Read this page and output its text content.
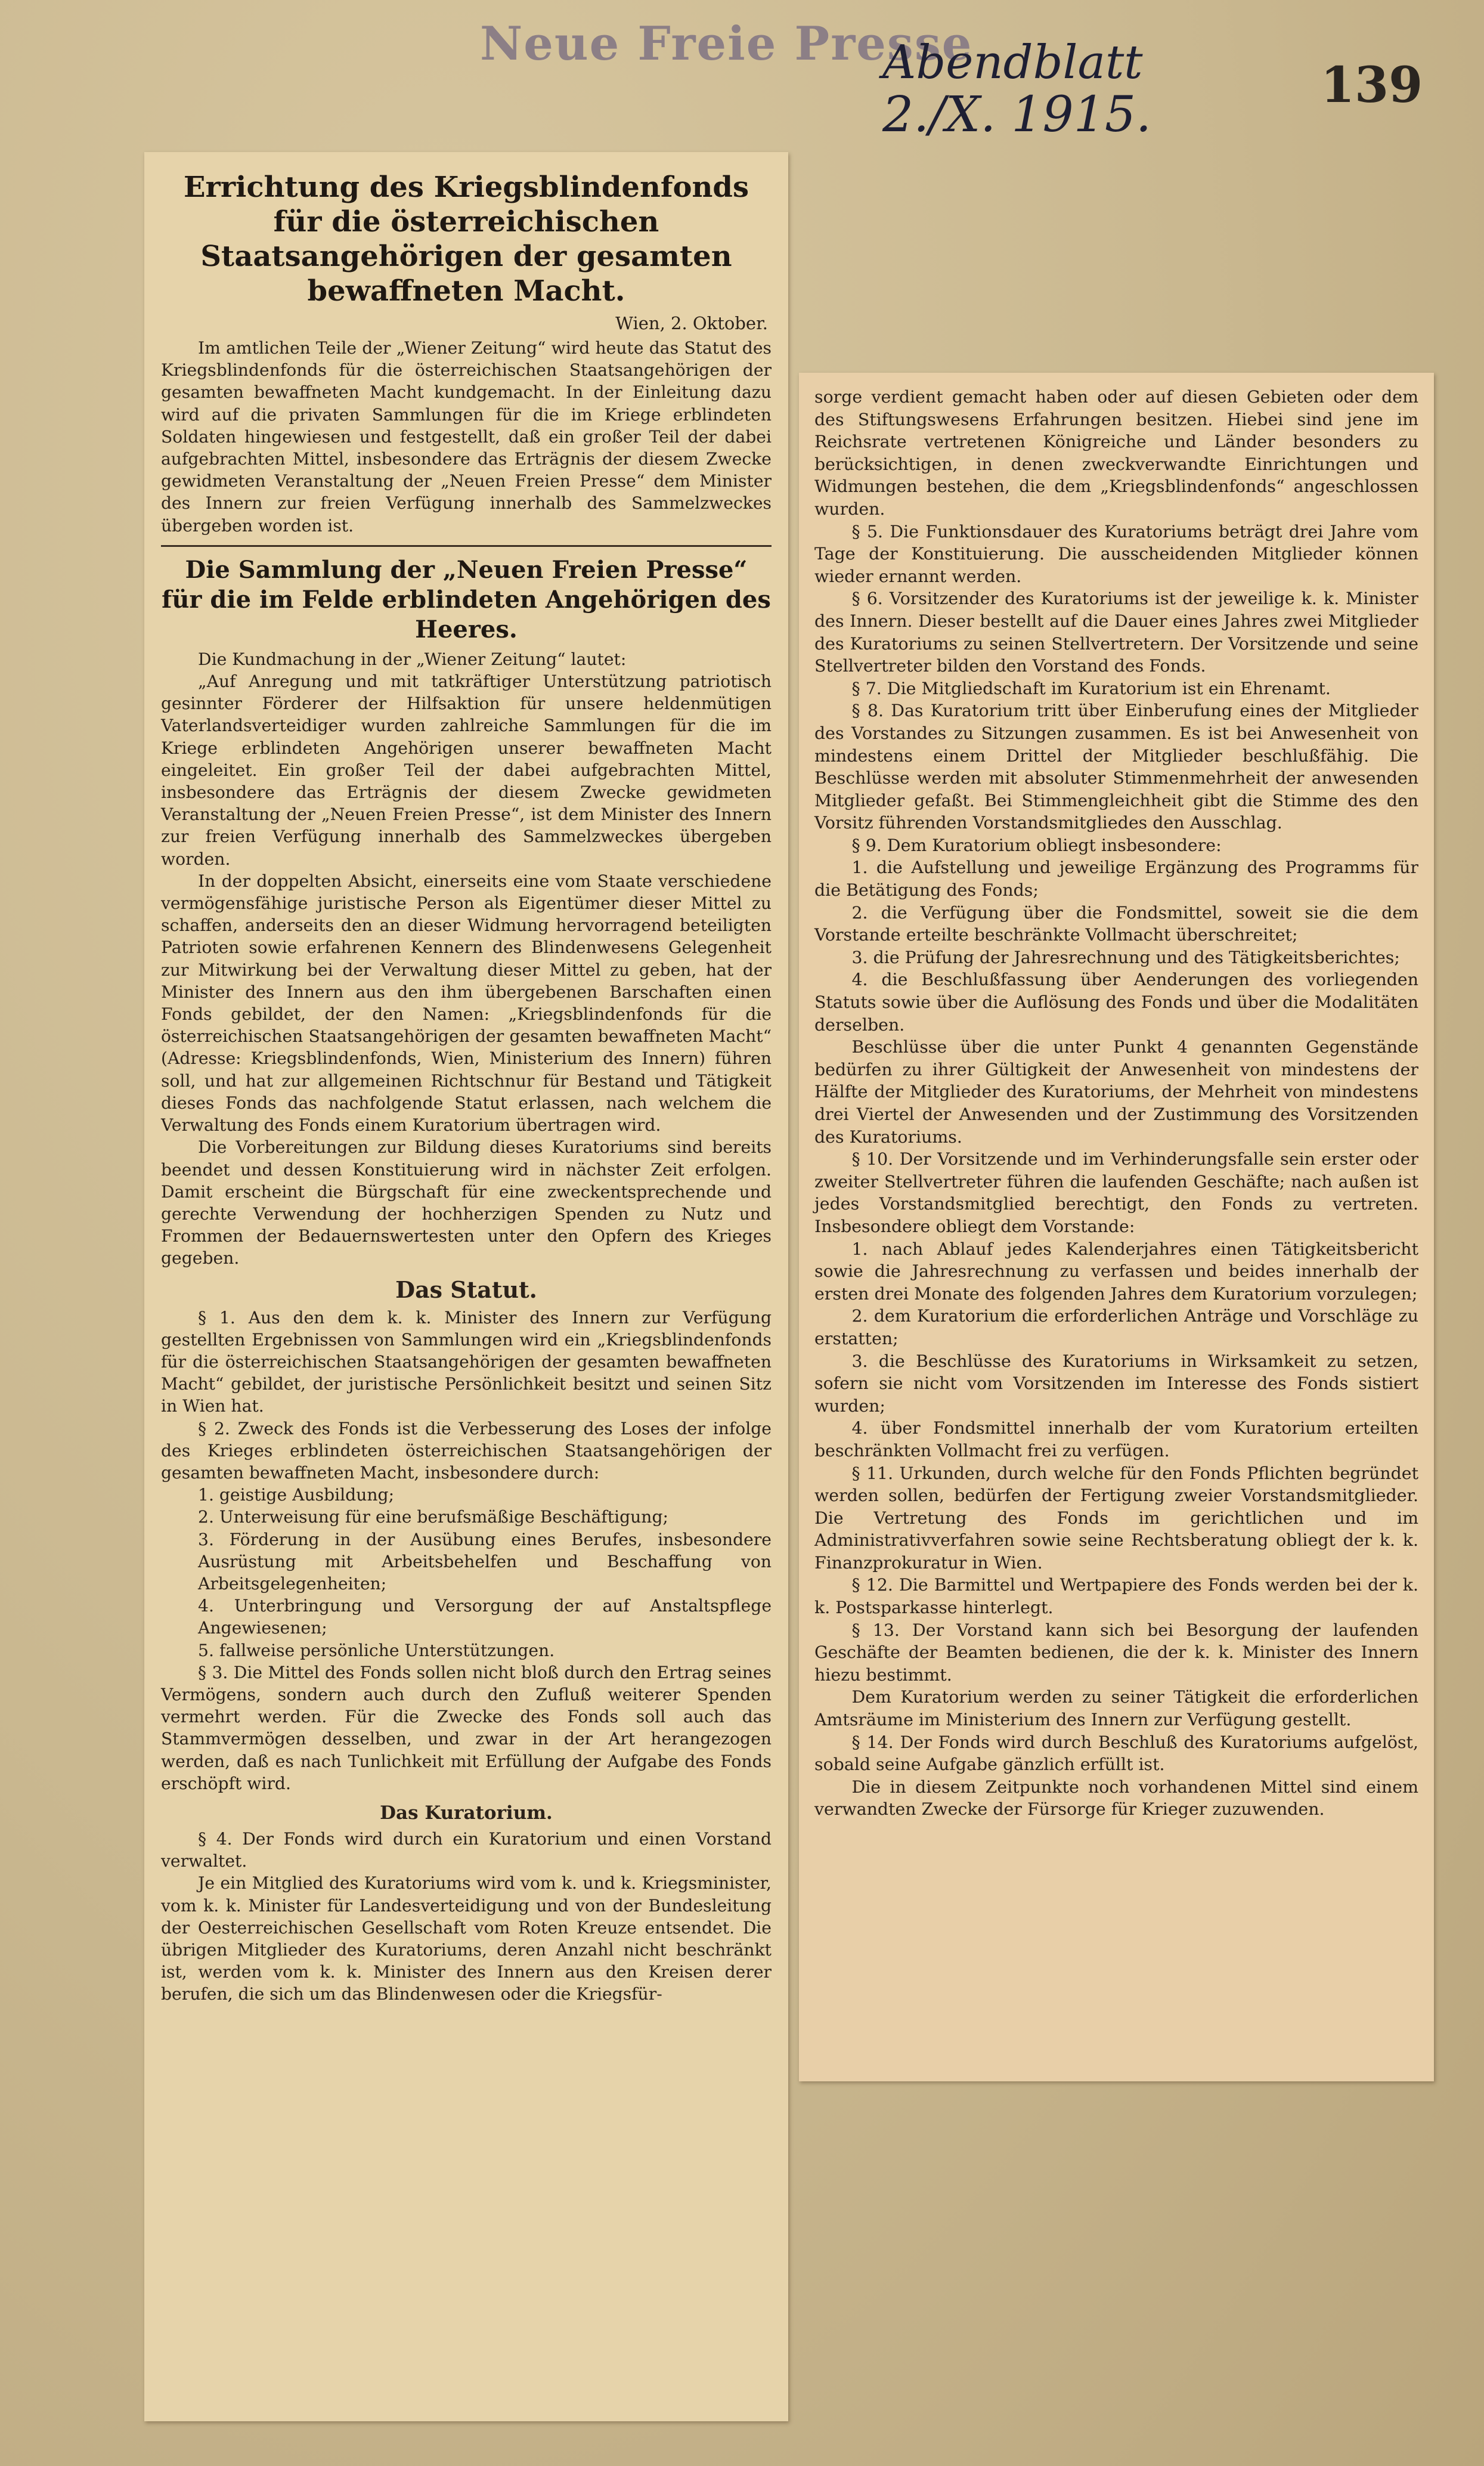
Neue Freie Presse
Abendblatt
2./X. 1915.
139
Errichtung des Kriegsblindenfonds für die österreichischen Staatsangehörigen der gesamten bewaffneten Macht.
Wien, 2. Oktober.

Im amtlichen Teile der „Wiener Zeitung“ wird heute das Statut des Kriegsblindenfonds für die österreichischen Staatsangehörigen der gesamten bewaffneten Macht kundgemacht. In der Einleitung dazu wird auf die privaten Sammlungen für die im Kriege erblindeten Soldaten hingewiesen und festgestellt, daß ein großer Teil der dabei aufgebrachten Mittel, insbesondere das Erträgnis der diesem Zwecke gewidmeten Veranstaltung der „Neuen Freien Presse“ dem Minister des Innern zur freien Verfügung innerhalb des Sammelzweckes übergeben worden ist.

Die Sammlung der „Neuen Freien Presse“ für die im Felde erblindeten Angehörigen des Heeres.

Die Kundmachung in der „Wiener Zeitung“ lautet:

„Auf Anregung und mit tatkräftiger Unterstützung patriotisch gesinnter Förderer der Hilfsaktion für unsere heldenmütigen Vaterlandsverteidiger wurden zahlreiche Sammlungen für die im Kriege erblindeten Angehörigen unserer bewaffneten Macht eingeleitet. Ein großer Teil der dabei aufgebrachten Mittel, insbesondere das Erträgnis der diesem Zwecke gewidmeten Veranstaltung der „Neuen Freien Presse“, ist dem Minister des Innern zur freien Verfügung innerhalb des Sammelzweckes übergeben worden.

In der doppelten Absicht, einerseits eine vom Staate verschiedene vermögensfähige juristische Person als Eigentümer dieser Mittel zu schaffen, anderseits den an dieser Widmung hervorragend beteiligten Patrioten sowie erfahrenen Kennern des Blindenwesens Gelegenheit zur Mitwirkung bei der Verwaltung dieser Mittel zu geben, hat der Minister des Innern aus den ihm übergebenen Barschaften einen Fonds gebildet, der den Namen: „Kriegsblindenfonds für die österreichischen Staatsangehörigen der gesamten bewaffneten Macht“ (Adresse: Kriegsblindenfonds, Wien, Ministerium des Innern) führen soll, und hat zur allgemeinen Richtschnur für Bestand und Tätigkeit dieses Fonds das nachfolgende Statut erlassen, nach welchem die Verwaltung des Fonds einem Kuratorium übertragen wird.

Die Vorbereitungen zur Bildung dieses Kuratoriums sind bereits beendet und dessen Konstituierung wird in nächster Zeit erfolgen. Damit erscheint die Bürgschaft für eine zweckentsprechende und gerechte Verwendung der hochherzigen Spenden zu Nutz und Frommen der Bedauernswertesten unter den Opfern des Krieges gegeben.

Das Statut.

§ 1. Aus den dem k. k. Minister des Innern zur Verfügung gestellten Ergebnissen von Sammlungen wird ein „Kriegsblindenfonds für die österreichischen Staatsangehörigen der gesamten bewaffneten Macht“ gebildet, der juristische Persönlichkeit besitzt und seinen Sitz in Wien hat.

§ 2. Zweck des Fonds ist die Verbesserung des Loses der infolge des Krieges erblindeten österreichischen Staatsangehörigen der gesamten bewaffneten Macht, insbesondere durch:

1. geistige Ausbildung;

2. Unterweisung für eine berufsmäßige Beschäftigung;

3. Förderung in der Ausübung eines Berufes, insbesondere Ausrüstung mit Arbeitsbehelfen und Beschaffung von Arbeitsgelegenheiten;

4. Unterbringung und Versorgung der auf Anstaltspflege Angewiesenen;

5. fallweise persönliche Unterstützungen.

§ 3. Die Mittel des Fonds sollen nicht bloß durch den Ertrag seines Vermögens, sondern auch durch den Zufluß weiterer Spenden vermehrt werden. Für die Zwecke des Fonds soll auch das Stammvermögen desselben, und zwar in der Art herangezogen werden, daß es nach Tunlichkeit mit Erfüllung der Aufgabe des Fonds erschöpft wird.

Das Kuratorium.

§ 4. Der Fonds wird durch ein Kuratorium und einen Vorstand verwaltet.

Je ein Mitglied des Kuratoriums wird vom k. und k. Kriegsminister, vom k. k. Minister für Landesverteidigung und von der Bundesleitung der Oesterreichischen Gesellschaft vom Roten Kreuze entsendet. Die übrigen Mitglieder des Kuratoriums, deren Anzahl nicht beschränkt ist, werden vom k. k. Minister des Innern aus den Kreisen derer berufen, die sich um das Blindenwesen oder die Kriegsfür-

sorge verdient gemacht haben oder auf diesen Gebieten oder dem des Stiftungswesens Erfahrungen besitzen. Hiebei sind jene im Reichsrate vertretenen Königreiche und Länder besonders zu berücksichtigen, in denen zweckverwandte Einrichtungen und Widmungen bestehen, die dem „Kriegsblindenfonds“ angeschlossen wurden.

§ 5. Die Funktionsdauer des Kuratoriums beträgt drei Jahre vom Tage der Konstituierung. Die ausscheidenden Mitglieder können wieder ernannt werden.

§ 6. Vorsitzender des Kuratoriums ist der jeweilige k. k. Minister des Innern. Dieser bestellt auf die Dauer eines Jahres zwei Mitglieder des Kuratoriums zu seinen Stellvertretern. Der Vorsitzende und seine Stellvertreter bilden den Vorstand des Fonds.

§ 7. Die Mitgliedschaft im Kuratorium ist ein Ehrenamt.

§ 8. Das Kuratorium tritt über Einberufung eines der Mitglieder des Vorstandes zu Sitzungen zusammen. Es ist bei Anwesenheit von mindestens einem Drittel der Mitglieder beschlußfähig. Die Beschlüsse werden mit absoluter Stimmenmehrheit der anwesenden Mitglieder gefaßt. Bei Stimmengleichheit gibt die Stimme des den Vorsitz führenden Vorstandsmitgliedes den Ausschlag.

§ 9. Dem Kuratorium obliegt insbesondere:

1. die Aufstellung und jeweilige Ergänzung des Programms für die Betätigung des Fonds;

2. die Verfügung über die Fondsmittel, soweit sie die dem Vorstande erteilte beschränkte Vollmacht überschreitet;

3. die Prüfung der Jahresrechnung und des Tätigkeitsberichtes;

4. die Beschlußfassung über Aenderungen des vorliegenden Statuts sowie über die Auflösung des Fonds und über die Modalitäten derselben.

Beschlüsse über die unter Punkt 4 genannten Gegenstände bedürfen zu ihrer Gültigkeit der Anwesenheit von mindestens der Hälfte der Mitglieder des Kuratoriums, der Mehrheit von mindestens drei Viertel der Anwesenden und der Zustimmung des Vorsitzenden des Kuratoriums.

§ 10. Der Vorsitzende und im Verhinderungsfalle sein erster oder zweiter Stellvertreter führen die laufenden Geschäfte; nach außen ist jedes Vorstandsmitglied berechtigt, den Fonds zu vertreten. Insbesondere obliegt dem Vorstande:

1. nach Ablauf jedes Kalenderjahres einen Tätigkeitsbericht sowie die Jahresrechnung zu verfassen und beides innerhalb der ersten drei Monate des folgenden Jahres dem Kuratorium vorzulegen;

2. dem Kuratorium die erforderlichen Anträge und Vorschläge zu erstatten;

3. die Beschlüsse des Kuratoriums in Wirksamkeit zu setzen, sofern sie nicht vom Vorsitzenden im Interesse des Fonds sistiert wurden;

4. über Fondsmittel innerhalb der vom Kuratorium erteilten beschränkten Vollmacht frei zu verfügen.

§ 11. Urkunden, durch welche für den Fonds Pflichten begründet werden sollen, bedürfen der Fertigung zweier Vorstandsmitglieder. Die Vertretung des Fonds im gerichtlichen und im Administrativverfahren sowie seine Rechtsberatung obliegt der k. k. Finanzprokuratur in Wien.

§ 12. Die Barmittel und Wertpapiere des Fonds werden bei der k. k. Postsparkasse hinterlegt.

§ 13. Der Vorstand kann sich bei Besorgung der laufenden Geschäfte der Beamten bedienen, die der k. k. Minister des Innern hiezu bestimmt.

Dem Kuratorium werden zu seiner Tätigkeit die erforderlichen Amtsräume im Ministerium des Innern zur Verfügung gestellt.

§ 14. Der Fonds wird durch Beschluß des Kuratoriums aufgelöst, sobald seine Aufgabe gänzlich erfüllt ist.

Die in diesem Zeitpunkte noch vorhandenen Mittel sind einem verwandten Zwecke der Fürsorge für Krieger zuzuwenden.
